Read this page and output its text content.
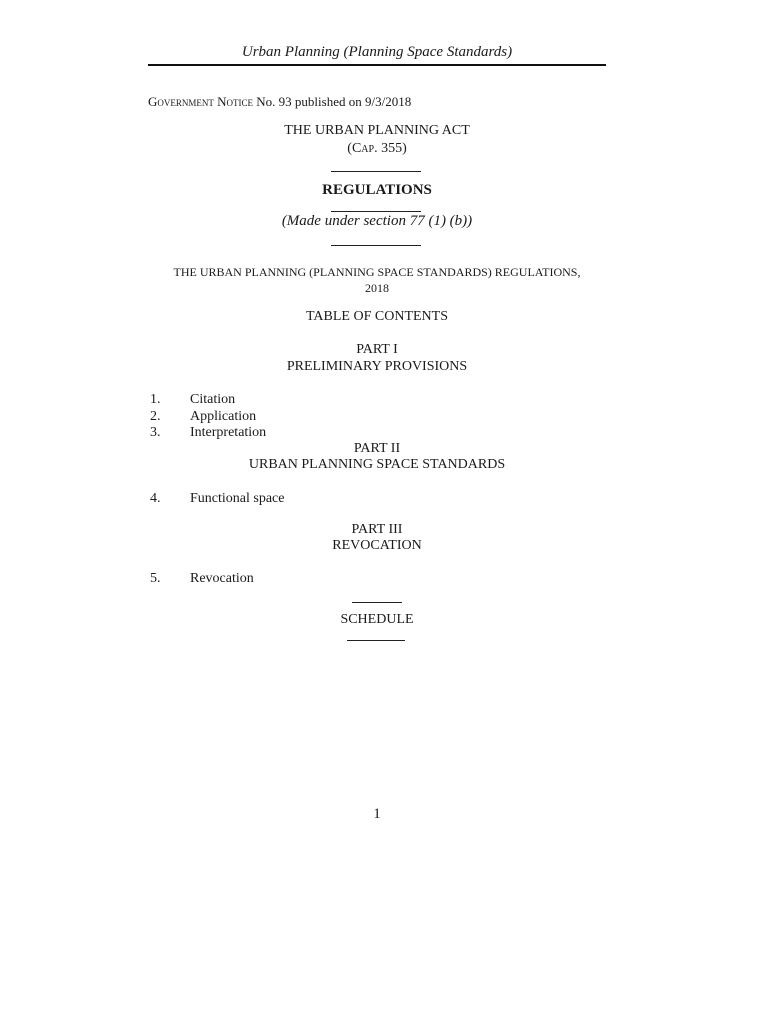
Urban Planning (Planning Space Standards)
Government Notice No. 93 published on 9/3/2018
THE URBAN PLANNING ACT
(Cap. 355)
REGULATIONS
(Made under section 77 (1) (b))
THE URBAN PLANNING (PLANNING SPACE STANDARDS) REGULATIONS,
2018
TABLE OF CONTENTS
PART I
PRELIMINARY PROVISIONS
1. Citation
2. Application
3. Interpretation
PART II
URBAN PLANNING SPACE STANDARDS
4. Functional space
PART III
REVOCATION
5. Revocation
SCHEDULE
1
